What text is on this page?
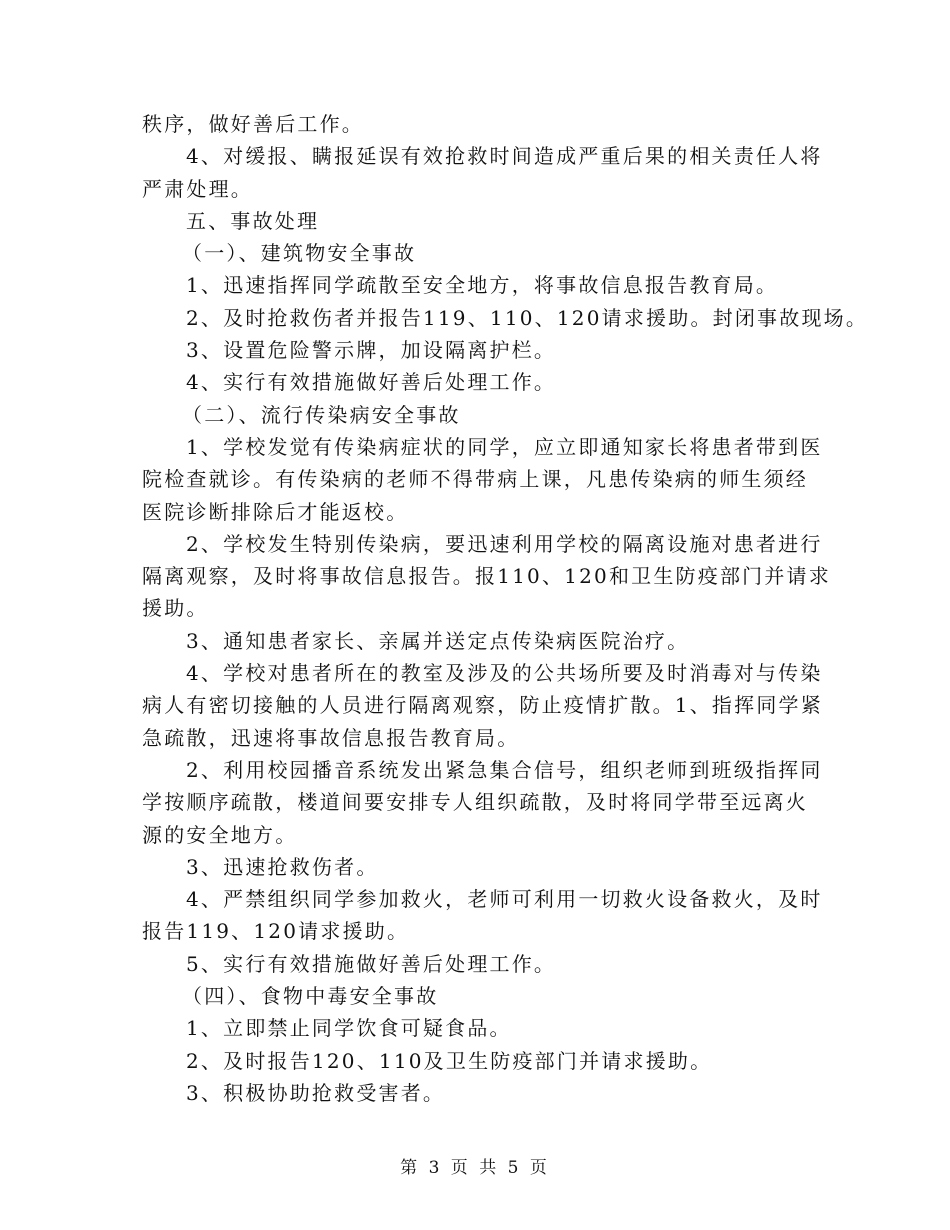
秩序，做好善后工作。
4、对缓报、瞒报延误有效抢救时间造成严重后果的相关责任人将
严肃处理。
五、事故处理
（一）、建筑物安全事故
1、迅速指挥同学疏散至安全地方，将事故信息报告教育局。
2、及时抢救伤者并报告119、110、120请求援助。封闭事故现场。
3、设置危险警示牌，加设隔离护栏。
4、实行有效措施做好善后处理工作。
（二）、流行传染病安全事故
1、学校发觉有传染病症状的同学，应立即通知家长将患者带到医
院检查就诊。有传染病的老师不得带病上课，凡患传染病的师生须经
医院诊断排除后才能返校。
2、学校发生特别传染病，要迅速利用学校的隔离设施对患者进行
隔离观察，及时将事故信息报告。报110、120和卫生防疫部门并请求
援助。
3、通知患者家长、亲属并送定点传染病医院治疗。
4、学校对患者所在的教室及涉及的公共场所要及时消毒对与传染
病人有密切接触的人员进行隔离观察，防止疫情扩散。1、指挥同学紧
急疏散，迅速将事故信息报告教育局。
2、利用校园播音系统发出紧急集合信号，组织老师到班级指挥同
学按顺序疏散，楼道间要安排专人组织疏散，及时将同学带至远离火
源的安全地方。
3、迅速抢救伤者。
4、严禁组织同学参加救火，老师可利用一切救火设备救火，及时
报告119、120请求援助。
5、实行有效措施做好善后处理工作。
（四）、食物中毒安全事故
1、立即禁止同学饮食可疑食品。
2、及时报告120、110及卫生防疫部门并请求援助。
3、积极协助抢救受害者。
第 3 页 共 5 页
